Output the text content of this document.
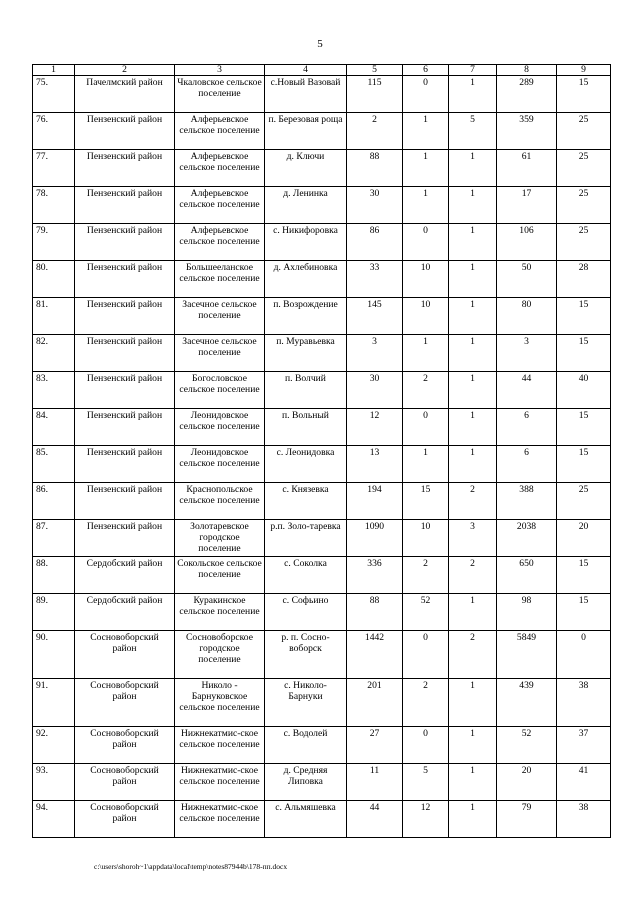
5
1	2	3	4	5	6	7	8	9
75.	Пачелмский район	Чкаловское сельское поселение	с.Новый Вазовай	115	0	1	289	15
76.	Пензенский район	Алферьевское сельское поселение	п. Березовая роща	2	1	5	359	25
77.	Пензенский район	Алферьевское сельское поселение	д. Ключи	88	1	1	61	25
78.	Пензенский район	Алферьевское сельское поселение	д. Ленинка	30	1	1	17	25
79.	Пензенский район	Алферьевское сельское поселение	с. Никифоровка	86	0	1	106	25
80.	Пензенский район	Большееланское сельское поселение	д. Ахлебиновка	33	10	1	50	28
81.	Пензенский район	Засечное сельское поселение	п. Возрождение	145	10	1	80	15
82.	Пензенский район	Засечное сельское поселение	п. Муравьевка	3	1	1	3	15
83.	Пензенский район	Богословское сельское поселение	п. Волчий	30	2	1	44	40
84.	Пензенский район	Леонидовское сельское поселение	п. Вольный	12	0	1	6	15
85.	Пензенский район	Леонидовское сельское поселение	с. Леонидовка	13	1	1	6	15
86.	Пензенский район	Краснопольское сельское поселение	с. Князевка	194	15	2	388	25
87.	Пензенский район	Золотаревское городское поселение	р.п. Золо-таревка	1090	10	3	2038	20
88.	Сердобский район	Сокольское сельское поселение	с. Соколка	336	2	2	650	15
89.	Сердобский район	Куракинское сельское поселение	с. Софьино	88	52	1	98	15
90.	Сосновоборский район	Сосновоборское городское поселение	р. п. Сосно-воборск	1442	0	2	5849	0
91.	Сосновоборский район	Николо - Барнуковское сельское поселение	с. Николо-Барнуки	201	2	1	439	38
92.	Сосновоборский район	Нижнекатмис-ское сельское поселение	с. Водолей	27	0	1	52	37
93.	Сосновоборский район	Нижнекатмис-ское сельское поселение	д. Средняя Липовка	11	5	1	20	41
94.	Сосновоборский район	Нижнекатмис-ское сельское поселение	с. Альмяшевка	44	12	1	79	38
c:\users\shoroh~1\appdata\local\temp\notes87944b\178-пп.docx
